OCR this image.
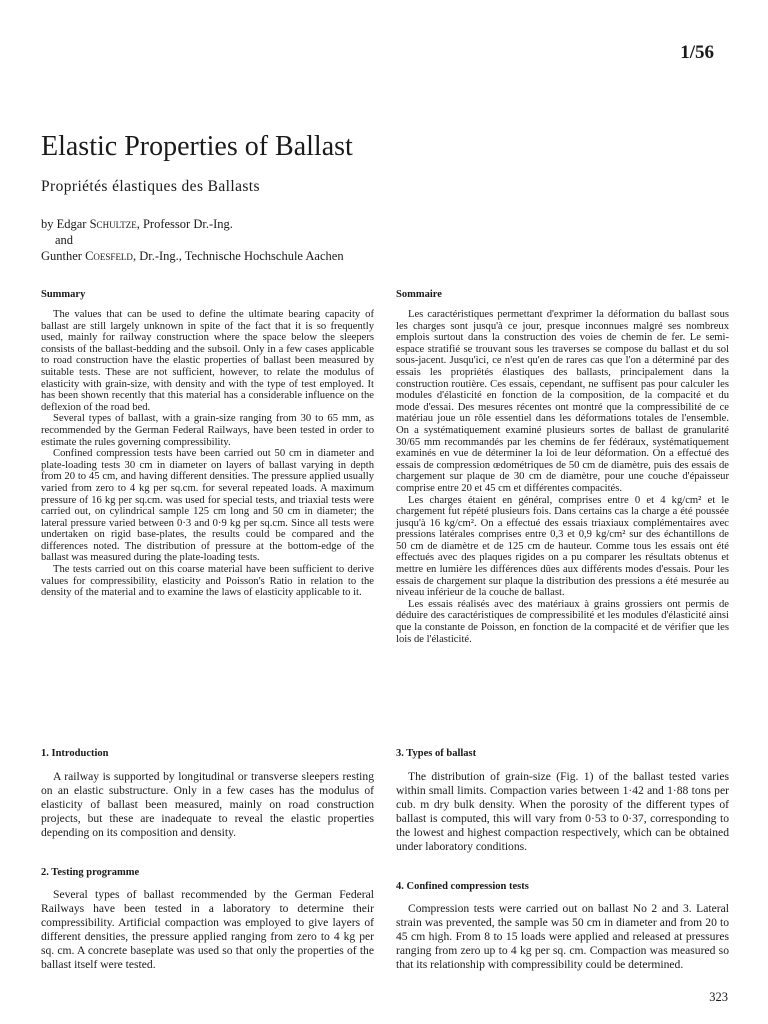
1/56
Elastic Properties of Ballast
Propriétés élastiques des Ballasts
by Edgar Schultze, Professor Dr.-Ing.
and
Gunther Coesfeld, Dr.-Ing., Technische Hochschule Aachen
Summary

The values that can be used to define the ultimate bearing capacity of ballast are still largely unknown in spite of the fact that it is so frequently used, mainly for railway construction where the space below the sleepers consists of the ballast-bedding and the subsoil. Only in a few cases applicable to road construction have the elastic properties of ballast been measured by suitable tests. These are not sufficient, however, to relate the modulus of elasticity with grain-size, with density and with the type of test employed. It has been shown recently that this material has a considerable influence on the deflexion of the road bed.

Several types of ballast, with a grain-size ranging from 30 to 65 mm, as recommended by the German Federal Railways, have been tested in order to estimate the rules governing compressibility.

Confined compression tests have been carried out 50 cm in diameter and plate-loading tests 30 cm in diameter on layers of ballast varying in depth from 20 to 45 cm, and having different densities. The pressure applied usually varied from zero to 4 kg per sq.cm. for several repeated loads. A maximum pressure of 16 kg per sq.cm. was used for special tests, and triaxial tests were carried out, on cylindrical sample 125 cm long and 50 cm in diameter; the lateral pressure varied between 0·3 and 0·9 kg per sq.cm. Since all tests were undertaken on rigid base-plates, the results could be compared and the differences noted. The distribution of pressure at the bottom-edge of the ballast was measured during the plate-loading tests.

The tests carried out on this coarse material have been sufficient to derive values for compressibility, elasticity and Poisson's Ratio in relation to the density of the material and to examine the laws of elasticity applicable to it.

Sommaire

Les caractéristiques permettant d'exprimer la déformation du ballast sous les charges sont jusqu'à ce jour, presque inconnues malgré ses nombreux emplois surtout dans la construction des voies de chemin de fer. Le semi-espace stratifié se trouvant sous les traverses se compose du ballast et du sol sous-jacent. Jusqu'ici, ce n'est qu'en de rares cas que l'on a déterminé par des essais les propriétés élastiques des ballasts, principalement dans la construction routière. Ces essais, cependant, ne suffisent pas pour calculer les modules d'élasticité en fonction de la composition, de la compacité et du mode d'essai. Des mesures récentes ont montré que la compressibilité de ce matériau joue un rôle essentiel dans les déformations totales de l'ensemble. On a systématiquement examiné plusieurs sortes de ballast de granularité 30/65 mm recommandés par les chemins de fer fédéraux, systématiquement examinés en vue de déterminer la loi de leur déformation. On a effectué des essais de compression œdométriques de 50 cm de diamètre, puis des essais de chargement sur plaque de 30 cm de diamètre, pour une couche d'épaisseur comprise entre 20 et 45 cm et différentes compacités.

Les charges étaient en général, comprises entre 0 et 4 kg/cm² et le chargement fut répété plusieurs fois. Dans certains cas la charge a été poussée jusqu'à 16 kg/cm². On a effectué des essais triaxiaux complémentaires avec pressions latérales comprises entre 0,3 et 0,9 kg/cm² sur des échantillons de 50 cm de diamètre et de 125 cm de hauteur. Comme tous les essais ont été effectués avec des plaques rigides on a pu comparer les résultats obtenus et mettre en lumière les différences dûes aux différents modes d'essais. Pour les essais de chargement sur plaque la distribution des pressions a été mesurée au niveau inférieur de la couche de ballast.

Les essais réalisés avec des matériaux à grains grossiers ont permis de déduire des caractéristiques de compressibilité et les modules d'élasticité ainsi que la constante de Poisson, en fonction de la compacité et de vérifier que les lois de l'élasticité.

1. Introduction

A railway is supported by longitudinal or transverse sleepers resting on an elastic substructure. Only in a few cases has the modulus of elasticity of ballast been measured, mainly on road construction projects, but these are inadequate to reveal the elastic properties depending on its composition and density.

2. Testing programme

Several types of ballast recommended by the German Federal Railways have been tested in a laboratory to determine their compressibility. Artificial compaction was employed to give layers of different densities, the pressure applied ranging from zero to 4 kg per sq. cm. A concrete baseplate was used so that only the properties of the ballast itself were tested.

3. Types of ballast

The distribution of grain-size (Fig. 1) of the ballast tested varies within small limits. Compaction varies between 1·42 and 1·88 tons per cub. m dry bulk density. When the porosity of the different types of ballast is computed, this will vary from 0·53 to 0·37, corresponding to the lowest and highest compaction respectively, which can be obtained under laboratory conditions.

4. Confined compression tests

Compression tests were carried out on ballast No 2 and 3. Lateral strain was prevented, the sample was 50 cm in diameter and from 20 to 45 cm high. From 8 to 15 loads were applied and released at pressures ranging from zero up to 4 kg per sq. cm. Compaction was measured so that its relationship with compressibility could be determined.

323
